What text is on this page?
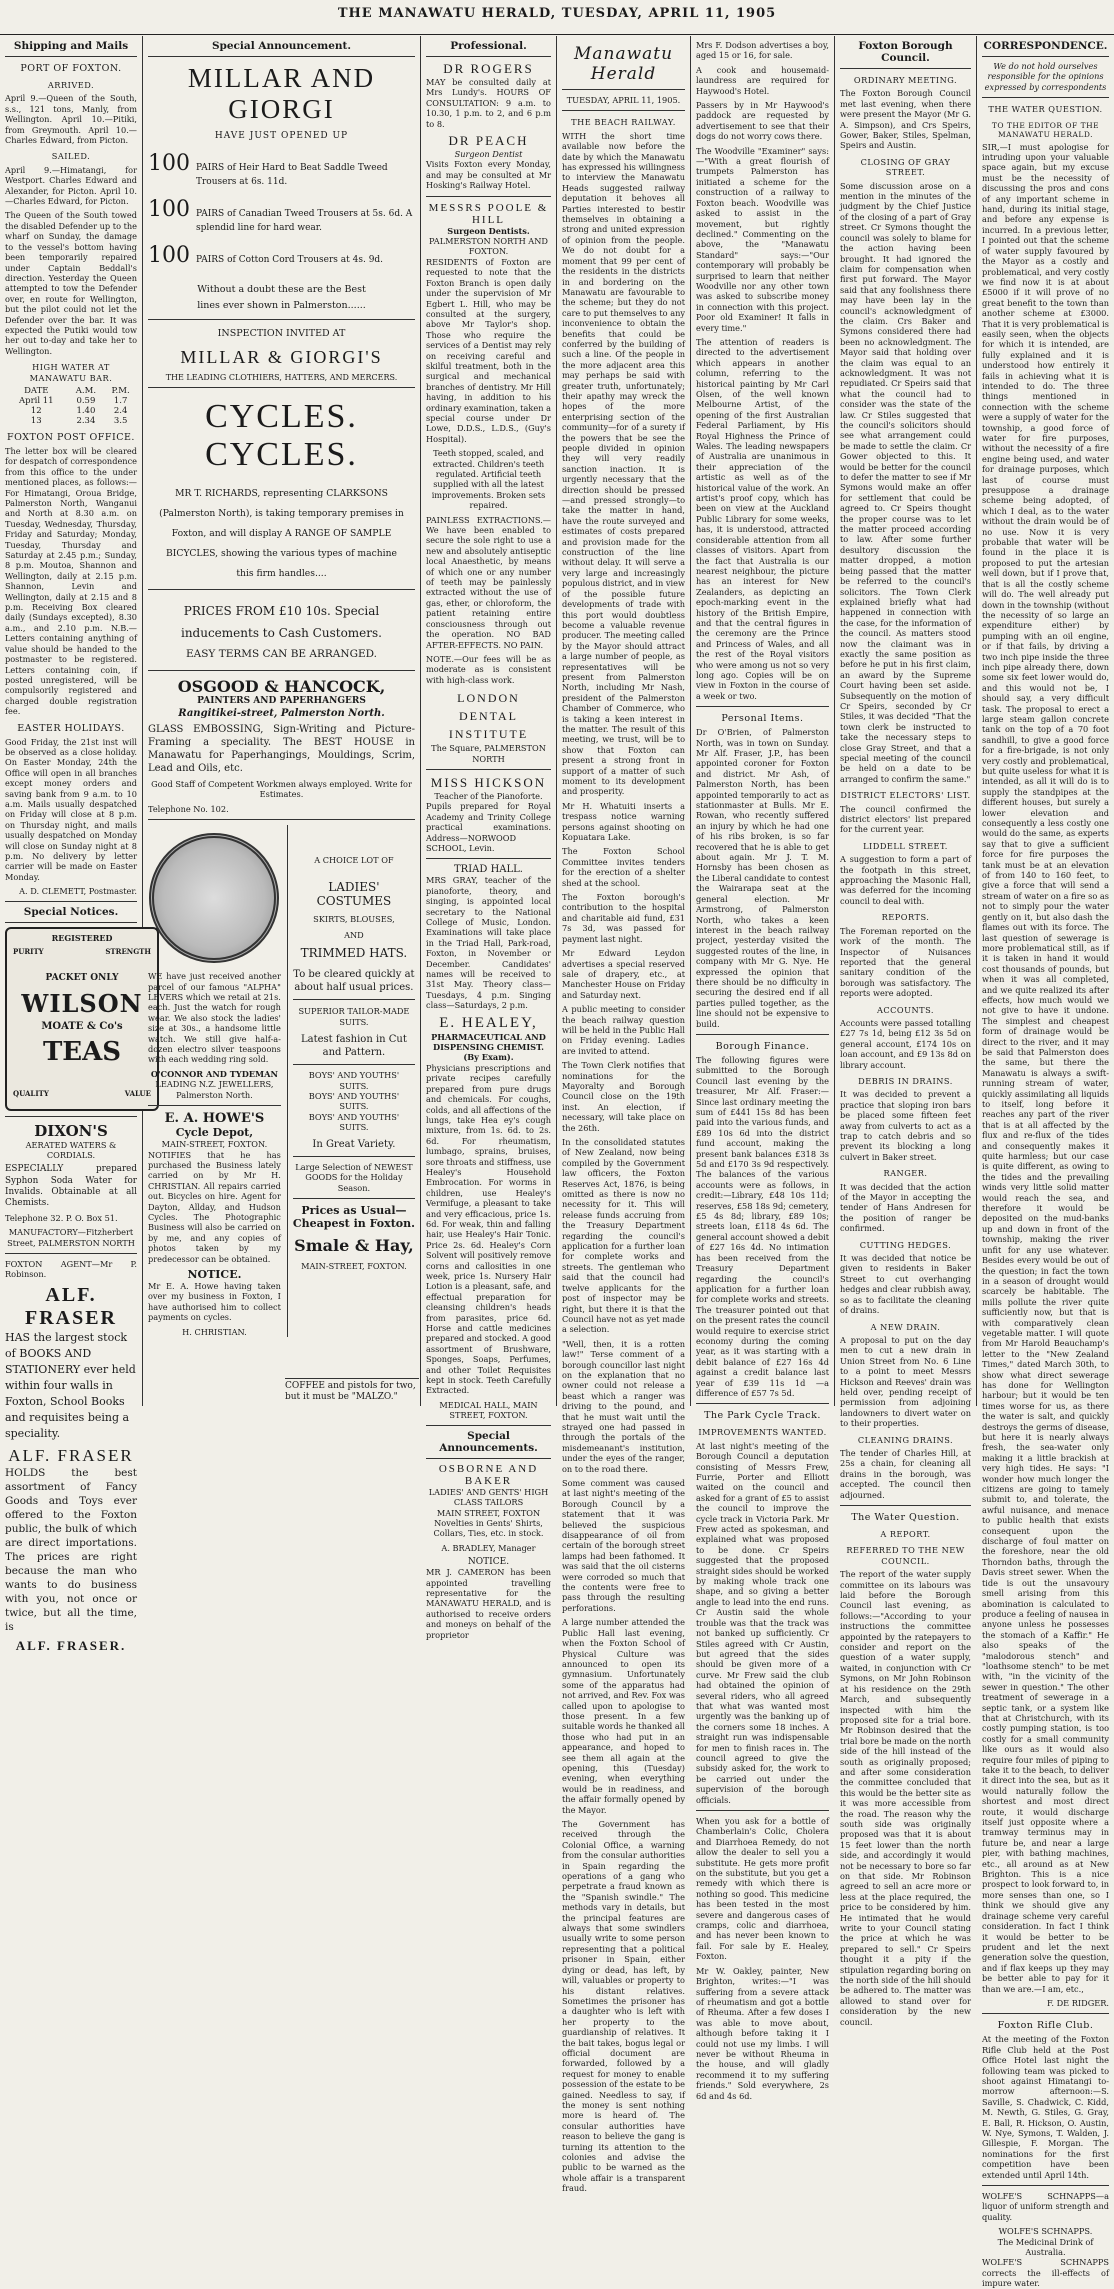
THE MANAWATU HERALD, TUESDAY, APRIL 11, 1905
Shipping and Mails
PORT OF FOXTON.
ARRIVED.

April 9.—Queen of the South, s.s., 121 tons, Manly, from Wellington. April 10.—Pitiki, from Greymouth. April 10.—Charles Edward, from Picton.

SAILED.

April 9.—Himatangi, for Westport. Charles Edward and Alexander, for Picton. April 10.—Charles Edward, for Picton.

The Queen of the South towed the disabled Defender up to the wharf on Sunday, the damage to the vessel's bottom having been temporarily repaired under Captain Beddall's direction. Yesterday the Queen attempted to tow the Defender over, en route for Wellington, but the pilot could not let the Defender over the bar. It was expected the Putiki would tow her out to-day and take her to Wellington.

HIGH WATER AT MANAWATU BAR.
DATE	A.M.	P.M.
April 11	0.59	1.7
12	1.40	2.4
13	2.34	3.5
FOXTON POST OFFICE.

The letter box will be cleared for despatch of correspondence from this office to the under mentioned places, as follows:— For Himatangi, Oroua Bridge, Palmerston North, Wanganui and North at 8.30 a.m. on Tuesday, Wednesday, Thursday, Friday and Saturday; Monday, Tuesday, Thursday and Saturday at 2.45 p.m.; Sunday, 8 p.m. Moutoa, Shannon and Wellington, daily at 2.15 p.m. Shannon, Levin and Wellington, daily at 2.15 and 8 p.m. Receiving Box cleared daily (Sundays excepted), 8.30 a.m., and 2.10 p.m. N.B.—Letters containing anything of value should be handed to the postmaster to be registered. Letters containing coin, if posted unregistered, will be compulsorily registered and charged double registration fee.

EASTER HOLIDAYS.

Good Friday, the 21st inst will be observed as a close holiday. On Easter Monday, 24th the Office will open in all branches except money orders and saving bank from 9 a.m. to 10 a.m. Mails usually despatched on Friday will close at 8 p.m. on Thursday night, and mails usually despatched on Monday will close on Sunday night at 8 p.m. No delivery by letter carrier will be made on Easter Monday.

A. D. CLEMETT, Postmaster.
Special Notices.
REGISTERED
PURITY	STRENGTH
PACKET ONLY
WILSON
MOATE & Co's
TEAS
QUALITY	VALUE
DIXON'S
AERATED WATERS & CORDIALS.

ESPECIALLY prepared Syphon Soda Water for Invalids. Obtainable at all Chemists.

Telephone 32. P. O. Box 51.
MANUFACTORY—Fitzherbert Street, PALMERSTON NORTH
FOXTON AGENT—Mr P. Robinson.
ALF. FRASER

HAS the largest stock of BOOKS AND STATIONERY ever held within four walls in Foxton, School Books and requisites being a speciality.

ALF. FRASER

HOLDS the best assortment of Fancy Goods and Toys ever offered to the Foxton public, the bulk of which are direct importations. The prices are right because the man who wants to do business with you, not once or twice, but all the time, is

ALF. FRASER.
Special Announcement.
MILLAR AND GIORGI
HAVE JUST OPENED UP
100 PAIRS of Heir Hard to Beat Saddle Tweed Trousers at 6s. 11d.
100 PAIRS of Canadian Tweed Trousers at 5s. 6d. A splendid line for hard wear.
100 PAIRS of Cotton Cord Trousers at 4s. 9d.

Without a doubt these are the Best lines ever shown in Palmerston......

INSPECTION INVITED AT
MILLAR & GIORGI'S
THE LEADING CLOTHIERS, HATTERS, AND MERCERS.
CYCLES. CYCLES.

MR T. RICHARDS, representing CLARKSONS (Palmerston North), is taking temporary premises in Foxton, and will display A RANGE OF SAMPLE BICYCLES, showing the various types of machine this firm handles....

PRICES FROM £10 10s. Special inducements to Cash Customers.

EASY TERMS CAN BE ARRANGED.
OSGOOD & HANCOCK,
PAINTERS AND PAPERHANGERS
Rangitikei-street, Palmerston North.

GLASS EMBOSSING, Sign-Writing and Picture-Framing a speciality. The BEST HOUSE in Manawatu for Paperhangings, Mouldings, Scrim, Lead and Oils, etc.

Good Staff of Competent Workmen always employed. Write for Estimates.
Telephone No. 102.

WE have just received another parcel of our famous "ALPHA" LEVERS which we retail at 21s. each. Just the watch for rough wear. We also stock the ladies' size at 30s., a handsome little watch. We still give half-a-dozen electro silver teaspoons with each wedding ring sold.

O'CONNOR AND TYDEMAN
LEADING N.Z. JEWELLERS, Palmerston North.
E. A. HOWE'S
Cycle Depot,
MAIN-STREET, FOXTON.

NOTIFIES that he has purchased the Business lately carried on by Mr H. CHRISTIAN. All repairs carried out. Bicycles on hire. Agent for Dayton, Allday, and Hudson Cycles. The Photographic Business will also be carried on by me, and any copies of photos taken by my predecessor can be obtained.

NOTICE.

Mr E. A. Howe having taken over my business in Foxton, I have authorised him to collect payments on cycles.

H. CHRISTIAN.
A CHOICE LOT OF
LADIES' COSTUMES
SKIRTS, BLOUSES,
AND
TRIMMED HATS.

To be cleared quickly at about half usual prices.

SUPERIOR TAILOR-MADE SUITS.

Latest fashion in Cut and Pattern.

BOYS' AND YOUTHS' SUITS.
BOYS' AND YOUTHS' SUITS.
BOYS' AND YOUTHS' SUITS.
In Great Variety.

Large Selection of NEWEST GOODS for the Holiday Season.

Prices as Usual—
Cheapest in Foxton.
Smale & Hay,
MAIN-STREET, FOXTON.
Professional.
DR ROGERS

MAY be consulted daily at Mrs Lundy's. HOURS OF CONSULTATION: 9 a.m. to 10.30, 1 p.m. to 2, and 6 p.m to 8.

DR PEACH
Surgeon Dentist

Visits Foxton every Monday, and may be consulted at Mr Hosking's Railway Hotel.

MESSRS POOLE & HILL
Surgeon Dentists.
PALMERSTON NORTH AND FOXTON.

RESIDENTS of Foxton are requested to note that the Foxton Branch is open daily under the supervision of Mr Egbert L. Hill, who may be consulted at the surgery, above Mr Taylor's shop. Those who require the services of a Dentist may rely on receiving careful and skilful treatment, both in the surgical and mechanical branches of dentistry. Mr Hill having, in addition to his ordinary examination, taken a special course under Dr Lowe, D.D.S., L.D.S., (Guy's Hospital).

Teeth stopped, scaled, and extracted. Children's teeth regulated. Artificial teeth supplied with all the latest improvements. Broken sets repaired.

PAINLESS EXTRACTIONS.—We have been enabled to secure the sole right to use a new and absolutely antiseptic local Anaesthetic, by means of which one or any number of teeth may be painlessly extracted without the use of gas, ether, or chloroform, the patient retaining entire consciousness through out the operation. NO BAD AFTER-EFFECTS. NO PAIN.

NOTE.—Our fees will be as moderate as is consistent with high-class work.

LONDON DENTAL INSTITUTE
The Square, PALMERSTON NORTH
MISS HICKSON
Teacher of the Pianoforte.

Pupils prepared for Royal Academy and Trinity College practical examinations. Address—NORWOOD SCHOOL, Levin.

TRIAD HALL.

MRS GRAY, teacher of the pianoforte, theory, and singing, is appointed local secretary to the National College of Music, London. Examinations will take place in the Triad Hall, Park-road, Foxton, in November or December. Candidates' names will be received to 31st May. Theory class—Tuesdays, 4 p.m. Singing class—Saturdays, 2 p.m.

E. HEALEY,
PHARMACEUTICAL AND DISPENSING CHEMIST. (By Exam).

Physicians prescriptions and private recipes carefully prepared from pure drugs and chemicals. For coughs, colds, and all affections of the lungs, take Hea ey's cough mixture, from 1s. 6d. to 2s. 6d. For rheumatism, lumbago, sprains, bruises, sore throats and stiffness, use Healey's Household Embrocation. For worms in children, use Healey's Vermifuge, a pleasant to take and very efficacious, price 1s. 6d. For weak, thin and falling hair, use Healey's Hair Tonic. Price 2s. 6d. Healey's Corn Solvent will positively remove corns and callosities in one week, price 1s. Nursery Hair Lotion is a pleasant, safe, and effectual preparation for cleansing children's heads from parasites, price 6d. Horse and cattle medicines prepared and stocked. A good assortment of Brushware, Sponges, Soaps, Perfumes, and other Toilet Requisites kept in stock. Teeth Carefully Extracted.

MEDICAL HALL, MAIN STREET, FOXTON.
Special Announcements.
OSBORNE AND BAKER
LADIES' AND GENTS' HIGH CLASS TAILORS
MAIN STREET, FOXTON

Novelties in Gents' Shirts, Collars, Ties, etc. in stock.

A. BRADLEY, Manager
NOTICE.

MR J. CAMERON has been appointed travelling representative for the MANAWATU HERALD, and is authorised to receive orders and moneys on behalf of the proprietor

Manawatu Herald
TUESDAY, APRIL 11, 1905.
THE BEACH RAILWAY.

WITH the short time available now before the date by which the Manawatu has expressed his willingness to interview the Manawatu Heads suggested railway deputation it behoves all Parties interested to bestir themselves in obtaining a strong and united expression of opinion from the people. We do not doubt for a moment that 99 per cent of the residents in the districts in and bordering on the Manawatu are favourable to the scheme; but they do not care to put themselves to any inconvenience to obtain the benefits that could be conferred by the building of such a line. Of the people in the more adjacent area this may perhaps be said with greater truth, unfortunately; their apathy may wreck the hopes of the more enterprising section of the community—for of a surety if the powers that be see the people divided in opinion they will very readily sanction inaction. It is urgently necessary that the direction should be pressed—and pressed strongly—to take the matter in hand, have the route surveyed and estimates of costs prepared and provision made for the construction of the line without delay. It will serve a very large and increasingly populous district, and in view of the possible future developments of trade with this port would doubtless become a valuable revenue producer. The meeting called by the Mayor should attract a large number of people, as representatives will be present from Palmerston North, including Mr Nash, president of the Palmerston Chamber of Commerce, who is taking a keen interest in the matter. The result of this meeting, we trust, will be to show that Foxton can present a strong front in support of a matter of such moment to its development and prosperity.

Mr H. Whatuiti inserts a trespass notice warning persons against shooting on Kopuatara Lake.

The Foxton School Committee invites tenders for the erection of a shelter shed at the school.

The Foxton borough's contribution to the hospital and charitable aid fund, £31 7s 3d, was passed for payment last night.

Mr Edward Leydon advertises a special reserved sale of drapery, etc., at Manchester House on Friday and Saturday next.

A public meeting to consider the beach railway question will be held in the Public Hall on Friday evening. Ladies are invited to attend.

The Town Clerk notifies that nominations for the Mayoralty and Borough Council close on the 19th inst. An election, if necessary, will take place on the 26th.

In the consolidated statutes of New Zealand, now being compiled by the Government law officers, the Foxton Reserves Act, 1876, is being omitted as there is now no necessity for it. This will release funds accruing from the Treasury Department regarding the council's application for a further loan for complete works and streets. The gentleman who said that the council had twelve applicants for the post of inspector may be right, but there it is that the Council have not as yet made a selection.

"Well, then, it is a rotten law!" Terse comment of a borough councillor last night on the explanation that no owner could not release a beast which a ranger was driving to the pound, and that he must wait until the strayed one had passed in through the portals of the misdemeanant's institution, under the eyes of the ranger, on to the road there.

Some comment was caused at last night's meeting of the Borough Council by a statement that it was believed the suspicious disappearance of oil from certain of the borough street lamps had been fathomed. It was said that the oil cisterns were corroded so much that the contents were free to pass through the resulting perforations.

A large number attended the Public Hall last evening, when the Foxton School of Physical Culture was announced to open its gymnasium. Unfortunately some of the apparatus had not arrived, and Rev. Fox was called upon to apologise to those present. In a few suitable words he thanked all those who had put in an appearance, and hoped to see them all again at the opening, this (Tuesday) evening, when everything would be in readiness, and the affair formally opened by the Mayor.

The Government has received through the Colonial Office, a warning from the consular authorities in Spain regarding the operations of a gang who perpetrate a fraud known as the "Spanish swindle." The methods vary in details, but the principal features are always that some swindlers usually write to some person representing that a political prisoner in Spain, either dying or dead, has left, by will, valuables or property to his distant relatives. Sometimes the prisoner has a daughter who is left with her property to the guardianship of relatives. It the bait takes, bogus legal or official document are forwarded, followed by a request for money to enable possession of the estate to be gained. Needless to say, if the money is sent nothing more is heard of. The consular authorities have reason to believe the gang is turning its attention to the colonies and advise the public to be warned as the whole affair is a transparent fraud.

Mrs F. Dodson advertises a boy, aged 15 or 16, for sale.

A cook and housemaid-laundress are required for Haywood's Hotel.

Passers by in Mr Haywood's paddock are requested by advertisement to see that their dogs do not worry cows there.

The Woodville "Examiner" says:—"With a great flourish of trumpets Palmerston has initiated a scheme for the construction of a railway to Foxton beach. Woodville was asked to assist in the movement, but rightly declined." Commenting on the above, the "Manawatu Standard" says:—"Our contemporary will probably be surprised to learn that neither Woodville nor any other town was asked to subscribe money in connection with this project. Poor old Examiner! It falls in every time."

The attention of readers is directed to the advertisement which appears in another column, referring to the historical painting by Mr Carl Olsen, of the well known Melbourne Artist, of the opening of the first Australian Federal Parliament, by His Royal Highness the Prince of Wales. The leading newspapers of Australia are unanimous in their appreciation of the artistic as well as of the historical value of the work. An artist's proof copy, which has been on view at the Auckland Public Library for some weeks, has, it is understood, attracted considerable attention from all classes of visitors. Apart from the fact that Australia is our nearest neighbour, the picture has an interest for New Zealanders, as depicting an epoch-marking event in the history of the British Empire, and that the central figures in the ceremony are the Prince and Princess of Wales, and all the rest of the Royal visitors who were among us not so very long ago. Copies will be on view in Foxton in the course of a week or two.

Personal Items.

Dr O'Brien, of Palmerston North, was in town on Sunday. Mr Alf. Fraser, J.P., has been appointed coroner for Foxton and district. Mr Ash, of Palmerston North, has been appointed temporarily to act as stationmaster at Bulls. Mr E. Rowan, who recently suffered an injury by which he had one of his ribs broken, is so far recovered that he is able to get about again. Mr J. T. M. Hornsby has been chosen as the Liberal candidate to contest the Wairarapa seat at the general election. Mr Armstrong, of Palmerston North, who takes a keen interest in the beach railway project, yesterday visited the suggested routes of the line, in company with Mr G. Nye. He expressed the opinion that there should be no difficulty in securing the desired end if all parties pulled together, as the line should not be expensive to build.

Borough Finance.

The following figures were submitted to the Borough Council last evening by the treasurer, Mr Alf. Fraser:—Since last ordinary meeting the sum of £441 15s 8d has been paid into the various funds, and £89 10s 6d into the district fund account, making the present bank balances £318 3s 5d and £170 3s 9d respectively. The balances of the various accounts were as follows, in credit:—Library, £48 10s 11d; reserves, £58 18s 9d; cemetery, £5 4s 8d; library, £89 10s; streets loan, £118 4s 6d. The general account showed a debit of £27 16s 4d. No intimation has been received from the Treasury Department regarding the council's application for a further loan for complete works and streets. The treasurer pointed out that on the present rates the council would require to exercise strict economy during the coming year, as it was starting with a debit balance of £27 16s 4d against a credit balance last year of £39 11s 1d —a difference of £57 7s 5d.

The Park Cycle Track.
IMPROVEMENTS WANTED.

At last night's meeting of the Borough Council a deputation consisting of Messrs Frew, Furrie, Porter and Elliott waited on the council and asked for a grant of £5 to assist the council to improve the cycle track in Victoria Park. Mr Frew acted as spokesman, and explained what was proposed to be done. Cr Speirs suggested that the proposed straight sides should be worked by making whole track one shape, and so giving a better angle to lead into the end runs. Cr Austin said the whole trouble was that the track was not banked up sufficiently. Cr Stiles agreed with Cr Austin, but agreed that the sides should be given more of a curve. Mr Frew said the club had obtained the opinion of several riders, who all agreed that what was wanted most urgently was the banking up of the corners some 18 inches. A straight run was indispensable for men to finish races in. The council agreed to give the subsidy asked for, the work to be carried out under the supervision of the borough officials.

When you ask for a bottle of Chamberlain's Colic, Cholera and Diarrhoea Remedy, do not allow the dealer to sell you a substitute. He gets more profit on the substitute, but you get a remedy with which there is nothing so good. This medicine has been tested in the most severe and dangerous cases of cramps, colic and diarrhoea, and has never been known to fail. For sale by E. Healey, Foxton.

Mr W. Oakley, painter, New Brighton, writes:—"I was suffering from a severe attack of rheumatism and got a bottle of Rheuma. After a few doses I was able to move about, although before taking it I could not use my limbs. I will never be without Rheuma in the house, and will gladly recommend it to my suffering friends." Sold everywhere, 2s 6d and 4s 6d.

Foxton Borough Council.
ORDINARY MEETING.

The Foxton Borough Council met last evening, when there were present the Mayor (Mr G. A. Simpson), and Crs Speirs, Gower, Baker, Stiles, Spelman, Speirs and Austin.

CLOSING OF GRAY STREET.

Some discussion arose on a mention in the minutes of the judgment by the Chief Justice of the closing of a part of Gray street. Cr Symons thought the council was solely to blame for the action having been brought. It had ignored the claim for compensation when first put forward. The Mayor said that any foolishness there may have been lay in the council's acknowledgment of the claim. Crs Baker and Symons considered there had been no acknowledgment. The Mayor said that holding over the claim was equal to an acknowledgment. It was not repudiated. Cr Speirs said that what the council had to consider was the state of the law. Cr Stiles suggested that the council's solicitors should see what arrangement could be made to settle the claim. Cr Gower objected to this. It would be better for the council to defer the matter to see if Mr Symons would make an offer for settlement that could be agreed to. Cr Speirs thought the proper course was to let the matter proceed according to law. After some further desultory discussion the matter dropped, a motion being passed that the matter be referred to the council's solicitors. The Town Clerk explained briefly what had happened in connection with the case, for the information of the council. As matters stood now the claimant was in exactly the same position as before he put in his first claim, an award by the Supreme Court having been set aside. Subsequently on the motion of Cr Speirs, seconded by Cr Stiles, it was decided "That the town clerk be instructed to take the necessary steps to close Gray Street, and that a special meeting of the council be held on a date to be arranged to confirm the same."

DISTRICT ELECTORS' LIST.

The council confirmed the district electors' list prepared for the current year.

LIDDELL STREET.

A suggestion to form a part of the footpath in this street, approaching the Masonic Hall, was deferred for the incoming council to deal with.

REPORTS.

The Foreman reported on the work of the month. The Inspector of Nuisances reported that the general sanitary condition of the borough was satisfactory. The reports were adopted.

ACCOUNTS.

Accounts were passed totalling £27 7s 1d, being £12 3s 5d on general account, £174 10s on loan account, and £9 13s 8d on library account.

DEBRIS IN DRAINS.

It was decided to prevent a practice that sloping iron bars be placed some fifteen feet away from culverts to act as a trap to catch debris and so prevent its blocking a long culvert in Baker street.

RANGER.

It was decided that the action of the Mayor in accepting the tender of Hans Andresen for the position of ranger be confirmed.

CUTTING HEDGES.

It was decided that notice be given to residents in Baker Street to cut overhanging hedges and clear rubbish away, so as to facilitate the cleaning of drains.

A NEW DRAIN.

A proposal to put on the day men to cut a new drain in Union Street from No. 6 Line to a point to meet Messrs Hickson and Reeves' drain was held over, pending receipt of permission from adjoining landowners to divert water on to their properties.

CLEANING DRAINS.

The tender of Charles Hill, at 25s a chain, for cleaning all drains in the borough, was accepted. The council then adjourned.

The Water Question.
A REPORT.
REFERRED TO THE NEW COUNCIL.

The report of the water supply committee on its labours was laid before the Borough Council last evening, as follows:—"According to your instructions the committee appointed by the ratepayers to consider and report on the question of a water supply, waited, in conjunction with Cr Symons, on Mr John Robinson at his residence on the 29th March, and subsequently inspected with him the proposed site for a trial bore. Mr Robinson desired that the trial bore be made on the north side of the hill instead of the south as originally proposed; and after some consideration the committee concluded that this would be the better site as it was more accessible from the road. The reason why the south side was originally proposed was that it is about 15 feet lower than the north side, and accordingly it would not be necessary to bore so far on that side. Mr Robinson agreed to sell an acre more or less at the place required, the price to be considered by him. He intimated that he would write to your Council stating the price at which he was prepared to sell." Cr Speirs thought it a pity if the stipulation regarding boring on the north side of the hill should be adhered to. The matter was allowed to stand over for consideration by the new council.

CORRESPONDENCE.

We do not hold ourselves responsible for the opinions expressed by correspondents

THE WATER QUESTION.
TO THE EDITOR OF THE MANAWATU HERALD.

SIR,—I must apologise for intruding upon your valuable space again, but my excuse must be the necessity of discussing the pros and cons of any important scheme in hand, during its initial stage, and before any expense is incurred. In a previous letter, I pointed out that the scheme of water supply favoured by the Mayor as a costly and problematical, and very costly we find now it is at about £5000 if it will prove of no great benefit to the town than another scheme at £3000. That it is very problematical is easily seen, when the objects for which it is intended, are fully explained and it is understood how entirely it fails in achieving what it is intended to do. The three things mentioned in connection with the scheme were a supply of water for the township, a good force of water for fire purposes, without the necessity of a fire engine being used, and water for drainage purposes, which last of course must presuppose a drainage scheme being adopted, of which I deal, as to the water without the drain would be of no use. Now it is very probable that water will be found in the place it is proposed to put the artesian well down, but if I prove that, that is all the costly scheme will do. The well already put down in the township (without the necessity of so large an expenditure either) by pumping with an oil engine, or if that fails, by driving a two inch pipe inside the three inch pipe already there, down some six feet lower would do, and this would not be, I should say, a very difficult task. The proposal to erect a large steam gallon concrete tank on the top of a 70 foot sandhill, to give a good force for a fire-brigade, is not only very costly and problematical, but quite useless for what it is intended, as all it will do is to supply the standpipes at the different houses, but surely a lower elevation and consequently a less costly one would do the same, as experts say that to give a sufficient force for fire purposes the tank must be at an elevation of from 140 to 160 feet, to give a force that will send a stream of water on a fire so as not to simply pour the water gently on it, but also dash the flames out with its force. The last question of sewerage is more problematical still, as if it is taken in hand it would cost thousands of pounds, but when it was all completed, and we quite realized its after effects, how much would we not give to have it undone. The simplest and cheapest form of drainage would be direct to the river, and it may be said that Palmerston does the same, but there the Manawatu is always a swift-running stream of water, quickly assimilating all liquids to itself, long before it reaches any part of the river that is at all affected by the flux and re-flux of the tides and consequently makes it quite harmless; but our case is quite different, as owing to the tides and the prevailing winds very little solid matter would reach the sea, and therefore it would be deposited on the mud-banks up and down in front of the township, making the river unfit for any use whatever. Besides every would be out of the question; in fact the town in a season of drought would scarcely be habitable. The mills pollute the river quite sufficiently now, but that is with comparatively clean vegetable matter. I will quote from Mr Harold Beauchamp's letter to the "New Zealand Times," dated March 30th, to show what direct sewerage has done for Wellington harbour; but it would be ten times worse for us, as there the water is salt, and quickly destroys the germs of disease, but here it is nearly always fresh, the sea-water only making it a little brackish at very high tides. He says: "I wonder how much longer the citizens are going to tamely submit to, and tolerate, the awful nuisance, and menace to public health that exists consequent upon the discharge of foul matter on the foreshore, near the old Thorndon baths, through the Davis street sewer. When the tide is out the unsavoury smell arising from this abomination is calculated to produce a feeling of nausea in anyone unless he possesses the stomach of a Kaffir." He also speaks of the "malodorous stench" and "loathsome stench" to be met with, "in the vicinity of the sewer in question." The other treatment of sewerage in a septic tank, or a system like that at Christchurch, with its costly pumping station, is too costly for a small community like ours as it would also require four miles of piping to take it to the beach, to deliver it direct into the sea, but as it would naturally follow the shortest and most direct route, it would discharge itself just opposite where a tramway terminus may in future be, and near a large pier, with bathing machines, etc., all around as at New Brighton. This is a nice prospect to look forward to, in more senses than one, so I think we should give any drainage scheme very careful consideration. In fact I think it would be better to be prudent and let the next generation solve the question, and if flax keeps up they may be better able to pay for it than we are.—I am, etc.,

F. DE RIDGER.
Foxton Rifle Club.

At the meeting of the Foxton Rifle Club held at the Post Office Hotel last night the following team was picked to shoot against Himatangi to-morrow afternoon:—S. Saville, S. Chadwick, C. Kidd, M. Newth, G. Stiles, G. Gray, E. Ball, R. Hickson, O. Austin, W. Nye, Symons, T. Walden, J. Gillespie, F. Morgan. The nominations for the first competition have been extended until April 14th.

WOLFE'S SCHNAPPS—a liquor of uniform strength and quality.
WOLFE'S SCHNAPPS.
The Medicinal Drink of Australia.
WOLFE'S SCHNAPPS corrects the ill-effects of impure water.
COFFEE and pistols for two, but it must be "MALZO."
